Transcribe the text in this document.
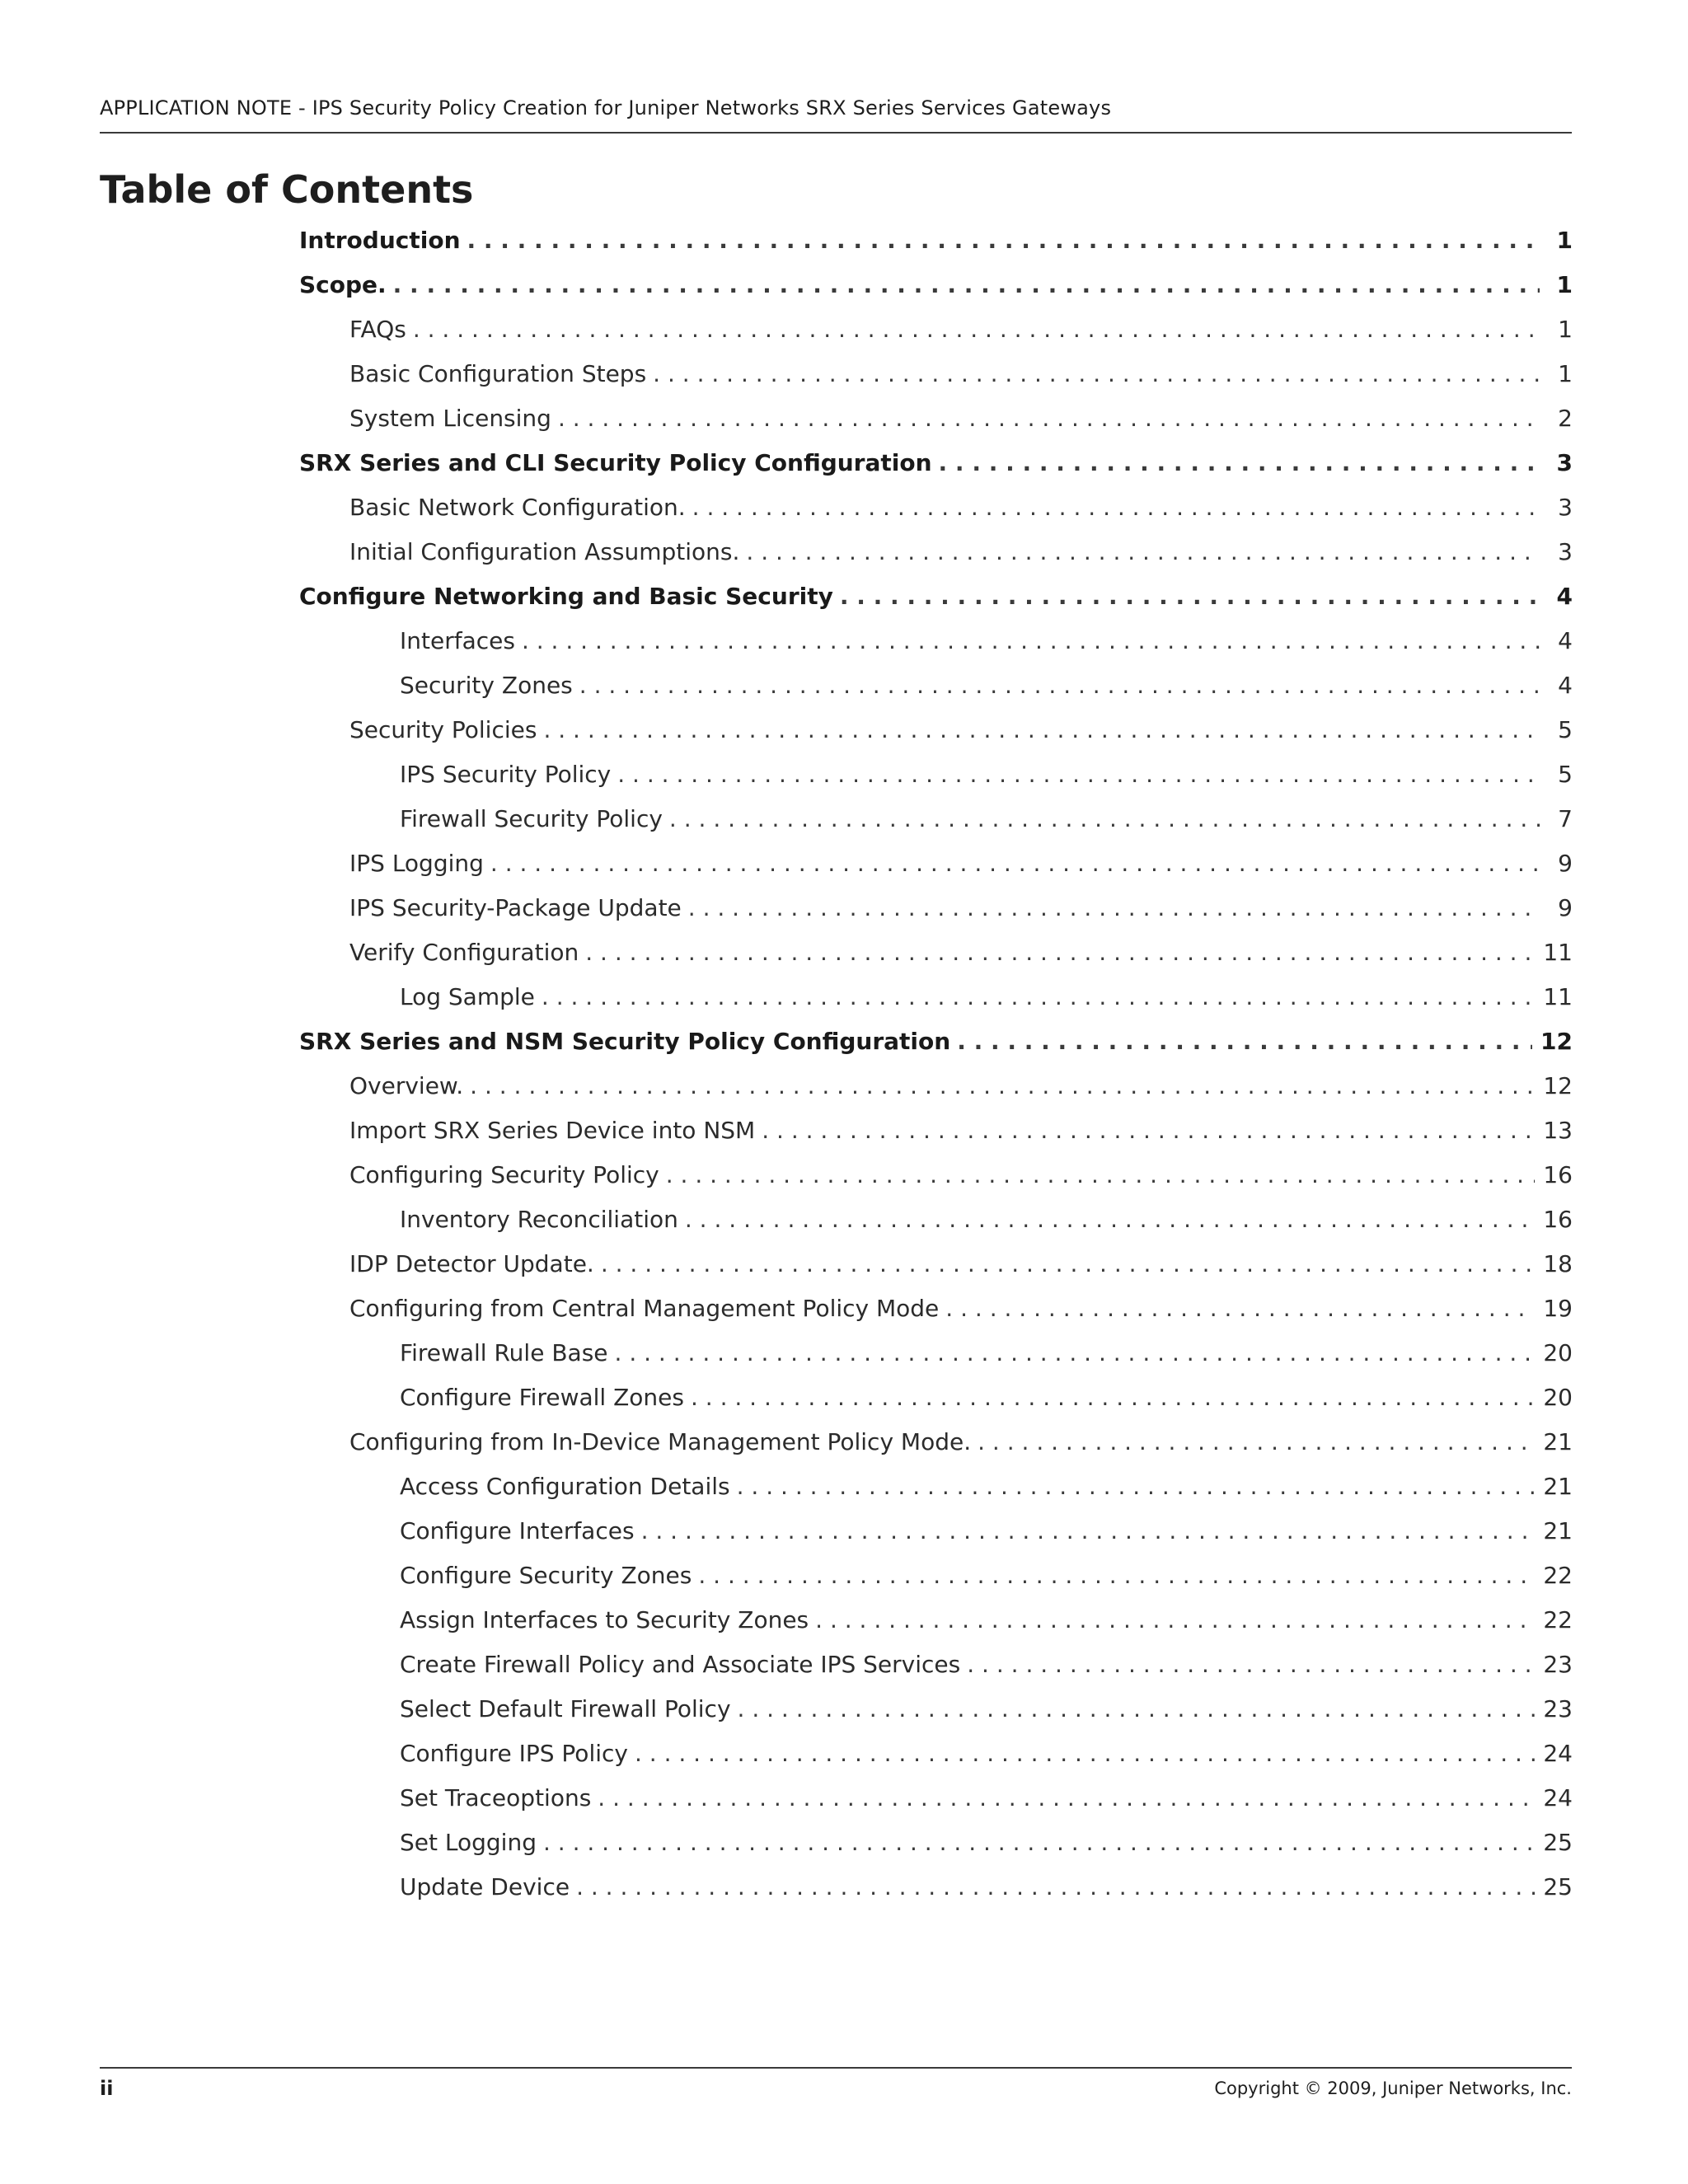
APPLICATION NOTE - IPS Security Policy Creation for Juniper Networks SRX Series Services Gateways
Table of Contents
Introduction . . .	1
Scope. . . .	1
FAQs . . .	1
Basic Configuration Steps . . .	1
System Licensing . . .	2
SRX Series and CLI Security Policy Configuration . . .	3
Basic Network Configuration. . . .	3
Initial Configuration Assumptions. . . .	3
Configure Networking and Basic Security . . .	4
Interfaces . . .	4
Security Zones . . .	4
Security Policies . . .	5
IPS Security Policy . . .	5
Firewall Security Policy . . .	7
IPS Logging . . .	9
IPS Security-Package Update . . .	9
Verify Configuration . . .	11
Log Sample . . .	11
SRX Series and NSM Security Policy Configuration . . .	12
Overview. . . .	12
Import SRX Series Device into NSM . . .	13
Configuring Security Policy . . .	16
Inventory Reconciliation . . .	16
IDP Detector Update. . . .	18
Configuring from Central Management Policy Mode . . .	19
Firewall Rule Base . . .	20
Configure Firewall Zones . . .	20
Configuring from In-Device Management Policy Mode. . . .	21
Access Configuration Details . . .	21
Configure Interfaces . . .	21
Configure Security Zones . . .	22
Assign Interfaces to Security Zones . . .	22
Create Firewall Policy and Associate IPS Services . . .	23
Select Default Firewall Policy . . .	23
Configure IPS Policy . . .	24
Set Traceoptions . . .	24
Set Logging . . .	25
Update Device . . .	25
ii	Copyright © 2009, Juniper Networks, Inc.
